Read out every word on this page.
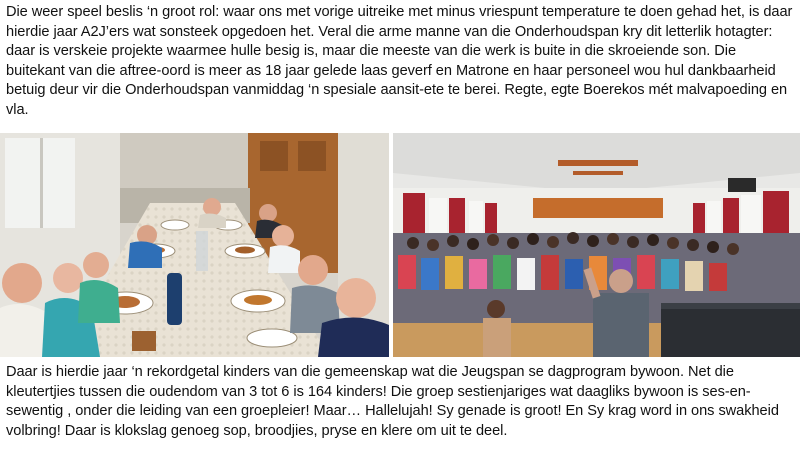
Die weer speel beslis ‘n groot rol: waar ons met vorige uitreike met minus vriespunt temperature te doen gehad het, is daar hierdie jaar A2J’ers wat sonsteek opgedoen het. Veral die arme manne van die Onderhoudspan kry dit letterlik hotagter: daar is verskeie projekte waarmee hulle besig is, maar die meeste van die werk is buite in die skroeiende son. Die buitekant van die aftree-oord is meer as 18 jaar gelede laas geverf en Matrone en haar personeel wou hul dankbaarheid betuig deur vir die Onderhoudspan vanmiddag ‘n spesiale aansit-ete te berei. Regte, egte Boerekos mét malvapoeding en vla.

Daar is hierdie jaar ‘n rekordgetal kinders van die gemeenskap wat die Jeugspan se dagprogram bywoon. Net die kleutertjies tussen die oudendom van 3 tot 6 is 164 kinders! Die groep sestienjariges wat daagliks bywoon is ses-en-sewentig , onder die leiding van een groepleier! Maar… Hallelujah! Sy genade is groot! En Sy krag word in ons swakheid volbring! Daar is klokslag genoeg sop, broodjies, pryse en klere om uit te deel.
